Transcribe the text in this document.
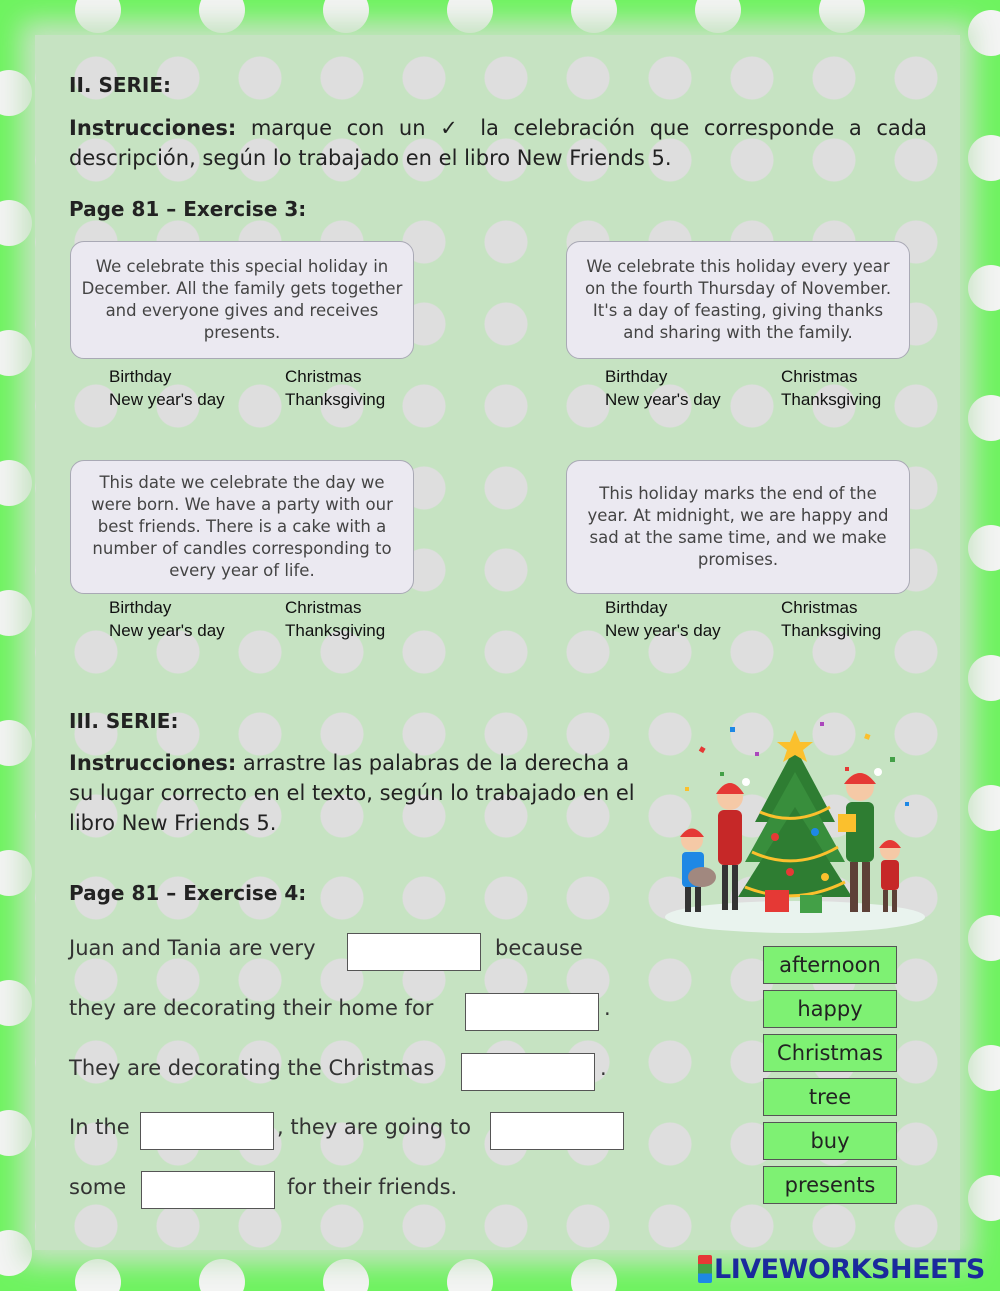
II. SERIE:
Instrucciones: marque con un ✓ la celebración que corresponde a cada descripción, según lo trabajado en el libro New Friends 5.
Page 81 – Exercise 3:
We celebrate this special holiday in December. All the family gets together and everyone gives and receives presents.
We celebrate this holiday every year on the fourth Thursday of November. It's a day of feasting, giving thanks and sharing with the family.
This date we celebrate the day we were born. We have a party with our best friends. There is a cake with a number of candles corresponding to every year of life.
This holiday marks the end of the year. At midnight, we are happy and sad at the same time, and we make promises.
Birthday	Christmas
New year's day	Thanksgiving
Birthday	Christmas
New year's day	Thanksgiving
Birthday	Christmas
New year's day	Thanksgiving
Birthday	Christmas
New year's day	Thanksgiving
III. SERIE:
Instrucciones: arrastre las palabras de la derecha a su lugar correcto en el texto, según lo trabajado en el libro New Friends 5.
Page 81 – Exercise 4:
Juan and Tania are very	because
they are decorating their home for	.
They are decorating the Christmas	.
In the	, they are going to
some	for their friends.
afternoon
happy
Christmas
tree
buy
presents
LIVEWORKSHEETS
